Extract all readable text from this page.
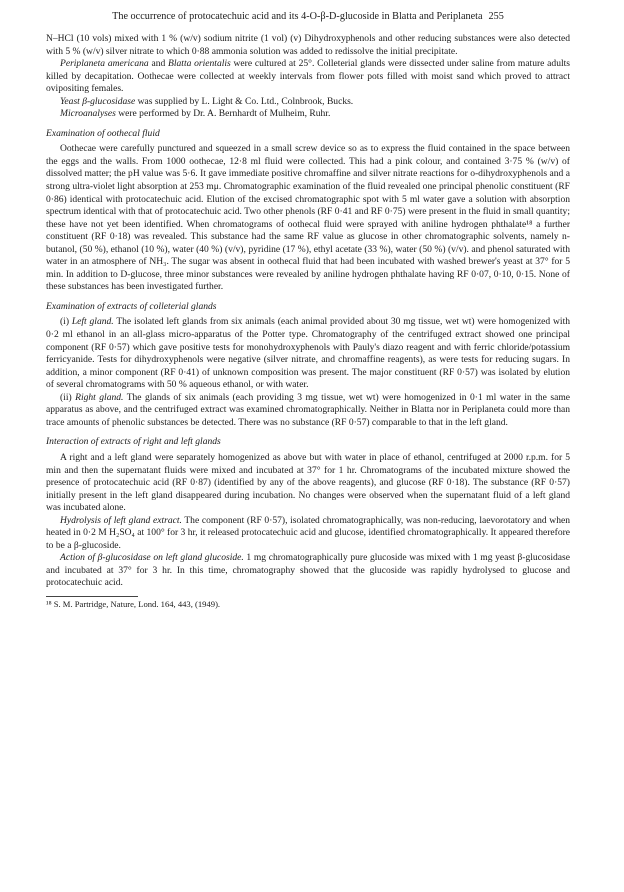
The occurrence of protocatechuic acid and its 4-O-β-D-glucoside in Blatta and Periplaneta 255

N–HCl (10 vols) mixed with 1 % (w/v) sodium nitrite (1 vol) (v) Dihydroxyphenols and other reducing substances were also detected with 5 % (w/v) silver nitrate to which 0·88 ammonia solution was added to redissolve the initial precipitate.

Periplaneta americana and Blatta orientalis were cultured at 25°. Colleterial glands were dissected under saline from mature adults killed by decapitation. Oothecae were collected at weekly intervals from flower pots filled with moist sand which proved to attract ovipositing females.

Yeast β-glucosidase was supplied by L. Light & Co. Ltd., Colnbrook, Bucks.

Microanalyses were performed by Dr. A. Bernhardt of Mulheim, Ruhr.

Examination of oothecal fluid

Oothecae were carefully punctured and squeezed in a small screw device so as to express the fluid contained in the space between the eggs and the walls. From 1000 oothecae, 12·8 ml fluid were collected. This had a pink colour, and contained 3·75 % (w/v) of dissolved matter; the pH value was 5·6. It gave immediate positive chromaffine and silver nitrate reactions for o-dihydroxyphenols and a strong ultra-violet light absorption at 253 mμ. Chromatographic examination of the fluid revealed one principal phenolic constituent (RF 0·86) identical with protocatechuic acid. Elution of the excised chromatographic spot with 5 ml water gave a solution with absorption spectrum identical with that of protocatechuic acid. Two other phenols (RF 0·41 and RF 0·75) were present in the fluid in small quantity; these have not yet been identified. When chromatograms of oothecal fluid were sprayed with aniline hydrogen phthalate¹⁸ a further constituent (RF 0·18) was revealed. This substance had the same RF value as glucose in other chromatographic solvents, namely n-butanol, (50 %), ethanol (10 %), water (40 %) (v/v), pyridine (17 %), ethyl acetate (33 %), water (50 %) (v/v). and phenol saturated with water in an atmosphere of NH₃. The sugar was absent in oothecal fluid that had been incubated with washed brewer's yeast at 37° for 5 min. In addition to D-glucose, three minor substances were revealed by aniline hydrogen phthalate having RF 0·07, 0·10, 0·15. None of these substances has been investigated further.

Examination of extracts of colleterial glands

(i) Left gland. The isolated left glands from six animals (each animal provided about 30 mg tissue, wet wt) were homogenized with 0·2 ml ethanol in an all-glass micro-apparatus of the Potter type. Chromatography of the centrifuged extract showed one principal component (RF 0·57) which gave positive tests for monohydroxyphenols with Pauly's diazo reagent and with ferric chloride/potassium ferricyanide. Tests for dihydroxyphenols were negative (silver nitrate, and chromaffine reagents), as were tests for reducing sugars. In addition, a minor component (RF 0·41) of unknown composition was present. The major constituent (RF 0·57) was isolated by elution of several chromatograms with 50 % aqueous ethanol, or with water.

(ii) Right gland. The glands of six animals (each providing 3 mg tissue, wet wt) were homogenized in 0·1 ml water in the same apparatus as above, and the centrifuged extract was examined chromatographically. Neither in Blatta nor in Periplaneta could more than trace amounts of phenolic substances be detected. There was no substance (RF 0·57) comparable to that in the left gland.

Interaction of extracts of right and left glands

A right and a left gland were separately homogenized as above but with water in place of ethanol, centrifuged at 2000 r.p.m. for 5 min and then the supernatant fluids were mixed and incubated at 37° for 1 hr. Chromatograms of the incubated mixture showed the presence of protocatechuic acid (RF 0·87) (identified by any of the above reagents), and glucose (RF 0·18). The substance (RF 0·57) initially present in the left gland disappeared during incubation. No changes were observed when the supernatant fluid of a left gland was incubated alone.

Hydrolysis of left gland extract. The component (RF 0·57), isolated chromatographically, was non-reducing, laevorotatory and when heated in 0·2 M H₂SO₄ at 100° for 3 hr, it released protocatechuic acid and glucose, identified chromatographically. It appeared therefore to be a β-glucoside.

Action of β-glucosidase on left gland glucoside. 1 mg chromatographically pure glucoside was mixed with 1 mg yeast β-glucosidase and incubated at 37° for 3 hr. In this time, chromatography showed that the glucoside was rapidly hydrolysed to glucose and protocatechuic acid.

¹⁸ S. M. Partridge, Nature, Lond. 164, 443, (1949).
